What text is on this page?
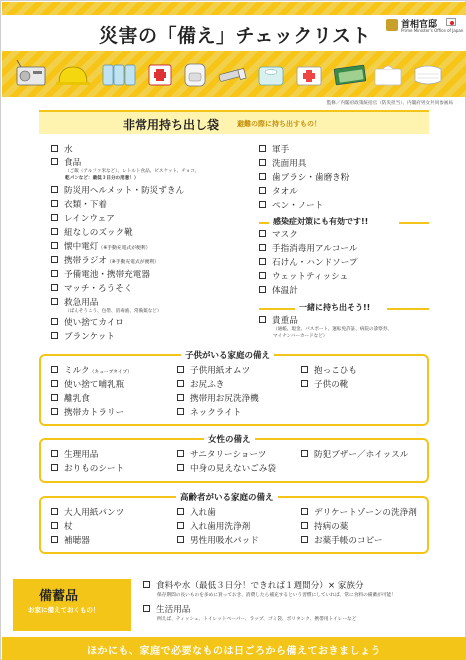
災害の「備え」チェックリスト	首相官邸
Prime Minister's Office of Japan
監修／内閣府政策統括官（防災担当）、内閣府男女共同参画局
非常用持ち出し袋	避難の際に持ち出すもの！
水
食品
（ご飯（アルファ米など）、レトルト食品、ビスケット、チョコ、
乾パンなど：最低３日分の用意！）
防災用ヘルメット・防災ずきん
衣類・下着
レインウェア
紐なしのズック靴
懐中電灯（※手動充電式が便利）
携帯ラジオ（※手動充電式が便利）
予備電池・携帯充電器
マッチ・ろうそく
救急用品
（ばんそうこう、包帯、消毒液、常備薬など）
使い捨てカイロ
ブランケット
軍手
洗面用具
歯ブラシ・歯磨き粉
タオル
ペン・ノート
感染症対策にも有効です!!
マスク
手指消毒用アルコール
石けん・ハンドソープ
ウェットティッシュ
体温計
一緒に持ち出そう!!
貴重品
（通帳、現金、パスポート、運転免許証、病院の診察券、
マイナンバーカードなど）
子供がいる家庭の備え
ミルク（キューブタイプ）
使い捨て哺乳瓶
離乳食
携帯カトラリー
子供用紙オムツ
お尻ふき
携帯用お尻洗浄機
ネックライト
抱っこひも
子供の靴
女性の備え
生理用品
おりものシート
サニタリーショーツ
中身の見えないごみ袋
防犯ブザー／ホイッスル
高齢者がいる家庭の備え
大人用紙パンツ
杖
補聴器
入れ歯
入れ歯用洗浄剤
男性用吸水パッド
デリケートゾーンの洗浄剤
持病の薬
お薬手帳のコピー
備蓄品
お家に備えておくもの！
食料や水（最低３日分！できれば１週間分）× 家族分
保存期間の長いものを多めに買っておき、消費したら補充するという習慣にしていれば、常に食料の備蓄が可能！
生活用品
例えば、ティッシュ、トイレットペーパー、ラップ、ゴミ袋、ポリタンク、携帯用トイレーなど
ほかにも、家庭で必要なものは日ごろから備えておきましょう
